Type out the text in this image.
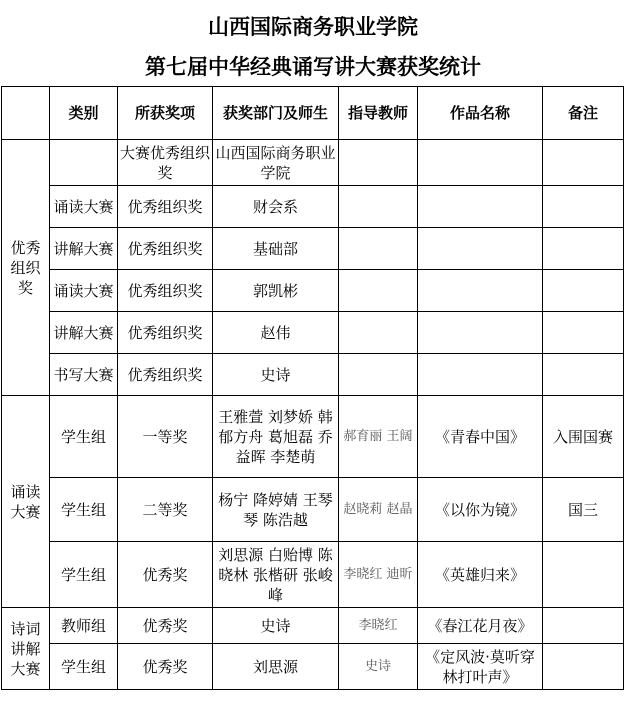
山西国际商务职业学院
第七届中华经典诵写讲大赛获奖统计
	类别	所获奖项	获奖部门及师生	指导教师	作品名称	备注
优秀组织奖		大赛优秀组织奖	山西国际商务职业学院			
	诵读大赛	优秀组织奖	财会系			
	讲解大赛	优秀组织奖	基础部			
	诵读大赛	优秀组织奖	郭凯彬			
	讲解大赛	优秀组织奖	赵伟			
	书写大赛	优秀组织奖	史诗			
诵读大赛	学生组	一等奖	王雅萱 刘梦娇 韩郁方舟 葛旭磊 乔益晖 李楚萌	郝育丽 王阔	《青春中国》	入围国赛
	学生组	二等奖	杨宁 降婷婧 王琴琴 陈浩越	赵晓莉 赵晶	《以你为镜》	国三
	学生组	优秀奖	刘思源 白贻博 陈晓林 张楷研 张峻峰	李晓红 迪昕	《英雄归来》	
诗词讲解大赛	教师组	优秀奖	史诗	李晓红	《春江花月夜》	
	学生组	优秀奖	刘思源	史诗	《定风波·莫听穿林打叶声》	
